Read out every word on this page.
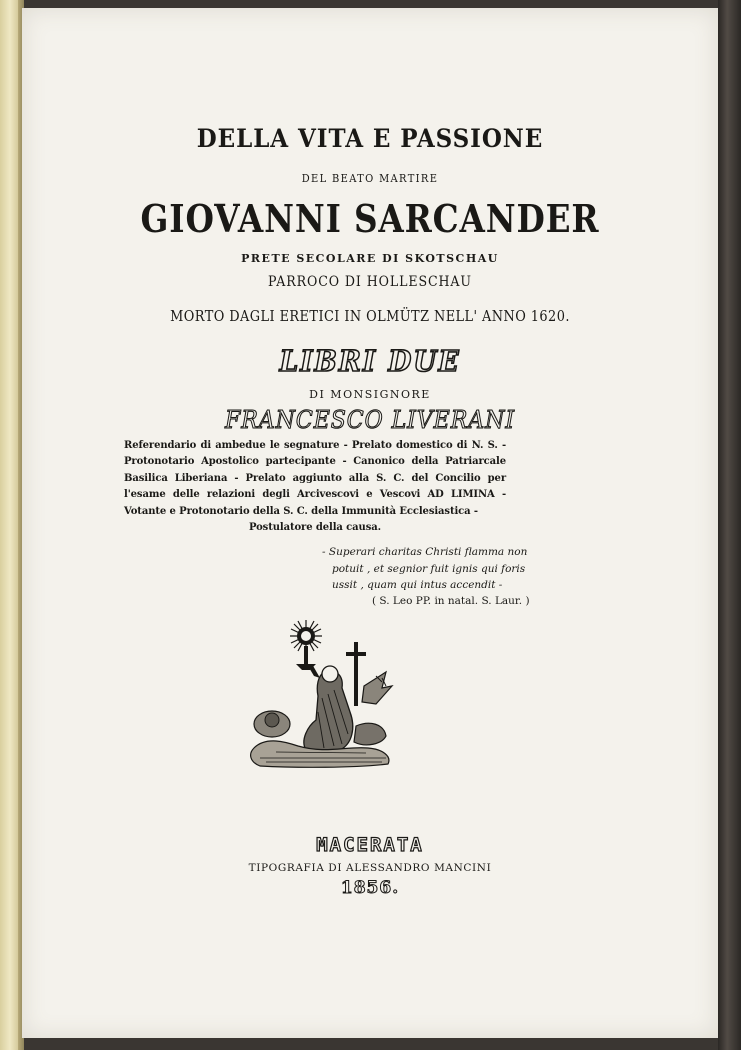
DELLA VITA E PASSIONE
DEL BEATO MARTIRE
GIOVANNI SARCANDER
PRETE SECOLARE DI SKOTSCHAU
PARROCO DI HOLLESCHAU
MORTO DAGLI ERETICI IN OLMÜTZ NELL' ANNO 1620.
LIBRI DUE
DI MONSIGNORE
FRANCESCO LIVERANI
Referendario di ambedue le segnature - Prelato domestico di N. S. - Protonotario Apostolico partecipante - Canonico della Patriarcale Basilica Liberiana - Prelato aggiunto alla S. C. del Concilio per l'esame delle relazioni degli Arcivescovi e Vescovi AD LIMINA - Votante e Protonotario della S. C. della Immunità Ecclesiastica -
Postulatore della causa.
- Superari charitas Christi flamma non
potuit , et segnior fuit ignis qui foris
ussit , quam qui intus accendit -
( S. Leo PP. in natal. S. Laur. )
MACERATA
TIPOGRAFIA DI ALESSANDRO MANCINI
1856.
